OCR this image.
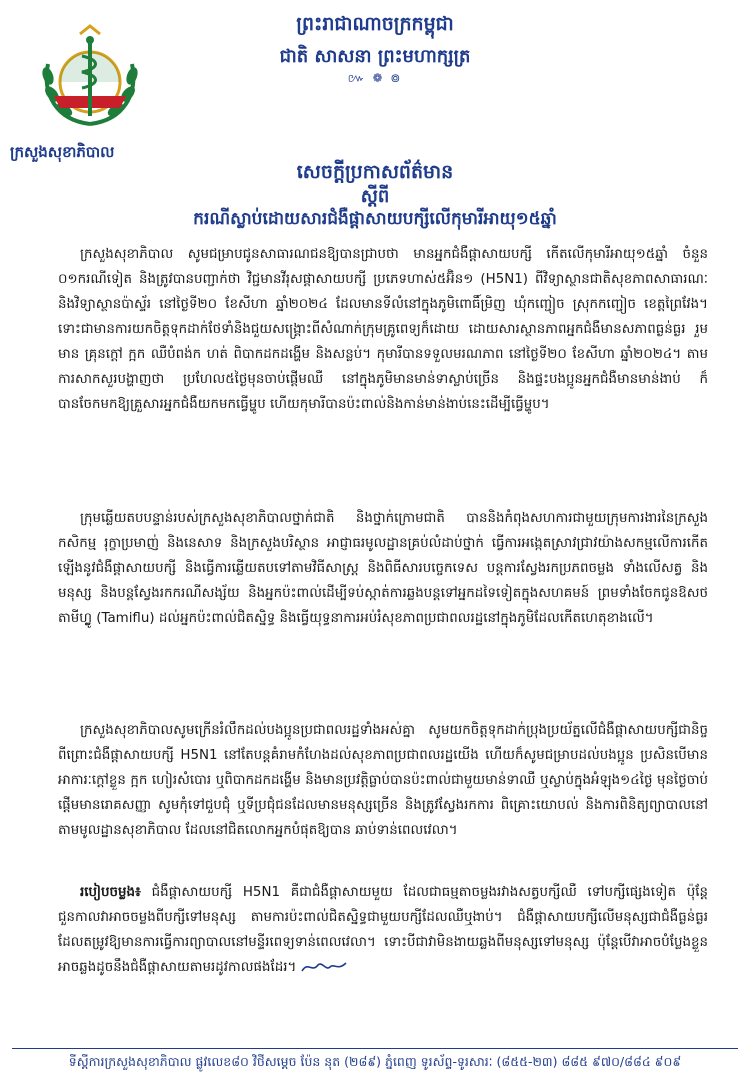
ព្រះរាជាណាចក្រកម្ពុជា
ជាតិ សាសនា ព្រះមហាក្សត្រ
៚ ❁ ៙
ក្រសួងសុខាភិបាល
សេចក្តីប្រកាសព័ត៌មាន
ស្តីពី
ករណីស្លាប់ដោយសារជំងឺផ្តាសាយបក្សីលើកុមារីអាយុ១៥ឆ្នាំ

ក្រសួងសុខាភិបាល សូមជម្រាបជូនសាធារណជនឱ្យបានជ្រាបថា មានអ្នកជំងឺផ្តាសាយបក្សី កើតលើកុមារីអាយុ១៥ឆ្នាំ ចំនួន ០១ករណីទៀត និងត្រូវបានបញ្ជាក់ថា វិជ្ជមានវីរុសផ្តាសាយបក្សី ប្រភេទហាស់៥អ៊ិន១ (H5N1) ពីវិទ្យាស្ថានជាតិសុខភាពសាធារណៈ និងវិទ្យាស្ថានប៉ាស្ទ័រ នៅថ្ងៃទី២០ ខែសីហា ឆ្នាំ២០២៤ ដែលមានទីលំនៅក្នុងភូមិពោធិ៍ម្រិញ ឃុំកញ្ជៀច ស្រុកកញ្ជៀច ខេត្តព្រៃវែង។ ទោះជាមានការយកចិត្តទុកដាក់ថែទាំនិងជួយសង្គ្រោះពីសំណាក់ក្រុមគ្រូពេទ្យក៏ដោយ ដោយសារស្ថានភាពអ្នកជំងឺមានសភាពធ្ងន់ធ្ងរ រួមមាន គ្រុនក្តៅ ក្អក ឈឺបំពង់ក ហត់ ពិបាកដកដង្ហើម និងសន្លប់។ កុមារីបានទទួលមរណភាព នៅថ្ងៃទី២០ ខែសីហា ឆ្នាំ២០២៤។ តាមការសាកសួរបង្ហាញថា ប្រហែល៥ថ្ងៃមុនចាប់ផ្តើមឈឺ នៅក្នុងភូមិមានមាន់ទាស្លាប់ច្រើន និងផ្ទះបងប្អូនអ្នកជំងឺមានមាន់ងាប់ ក៏បានចែកមកឱ្យគ្រួសារអ្នកជំងឺយកមកធ្វើម្ហូប ហើយកុមារីបានប៉ះពាល់និងកាន់មាន់ងាប់នេះដើម្បីធ្វើម្ហូប។

ក្រុមឆ្លើយតបបន្ទាន់របស់ក្រសួងសុខាភិបាលថ្នាក់ជាតិ និងថ្នាក់ក្រោមជាតិ បាននិងកំពុងសហការជាមួយក្រុមការងារនៃក្រសួងកសិកម្ម រុក្ខាប្រមាញ់ និងនេសាទ និងក្រសួងបរិស្ថាន អាជ្ញាធរមូលដ្ឋានគ្រប់លំដាប់ថ្នាក់ ធ្វើការអង្កេតស្រាវជ្រាវយ៉ាងសកម្មលើការកើតឡើងនូវជំងឺផ្តាសាយបក្សី និងធ្វើការឆ្លើយតបទៅតាមវិធីសាស្ត្រ និងពិធីសារបច្ចេកទេស បន្តការស្វែងរកប្រភពចម្លង ទាំងលើសត្វ និងមនុស្ស និងបន្តស្វែងរកករណីសង្ស័យ និងអ្នកប៉ះពាល់ដើម្បីទប់ស្កាត់ការឆ្លងបន្តទៅអ្នកដទៃទៀតក្នុងសហគមន៍ ព្រមទាំងចែកជូនឱសថតាមីហ្វ្លូ (Tamiflu) ដល់អ្នកប៉ះពាល់ជិតស្និទ្ធ និងធ្វើយុទ្ធនាការអប់រំសុខភាពប្រជាពលរដ្ឋនៅក្នុងភូមិដែលកើតហេតុខាងលើ។

ក្រសួងសុខាភិបាលសូមក្រើនរំលឹកដល់បងប្អូនប្រជាពលរដ្ឋទាំងអស់គ្នា សូមយកចិត្តទុកដាក់ប្រុងប្រយ័ត្នលើជំងឺផ្តាសាយបក្សីជានិច្ច ពីព្រោះជំងឺផ្តាសាយបក្សី H5N1 នៅតែបន្តគំរាមកំហែងដល់សុខភាពប្រជាពលរដ្ឋយើង ហើយក៏សូមជម្រាបដល់បងប្អូន ប្រសិនបើមានអាការៈក្តៅខ្លួន ក្អក ហៀរសំបោរ ឬពិបាកដកដង្ហើម និងមានប្រវត្តិធ្លាប់បានប៉ះពាល់ជាមួយមាន់ទាឈឺ ឬស្លាប់ក្នុងអំឡុង១៤ថ្ងៃ មុនថ្ងៃចាប់ផ្តើមមានរោគសញ្ញា សូមកុំទៅជួបជុំ ឬទីប្រជុំជនដែលមានមនុស្សច្រើន និងត្រូវស្វែងរកការ ពិគ្រោះយោបល់ និងការពិនិត្យព្យាបាលនៅតាមមូលដ្ឋានសុខាភិបាល ដែលនៅជិតលោកអ្នកបំផុតឱ្យបាន ឆាប់ទាន់ពេលវេលា។

របៀបចម្លង៖ ជំងឺផ្តាសាយបក្សី H5N1 គឺជាជំងឺផ្តាសាយមួយ ដែលជាធម្មតាចម្លងរវាងសត្វបក្សីឈឺ ទៅបក្សីផ្សេងទៀត ប៉ុន្តែជួនកាលវាអាចចម្លងពីបក្សីទៅមនុស្ស តាមការប៉ះពាល់ជិតស្និទ្ធជាមួយបក្សីដែលឈឺឬងាប់។ ជំងឺផ្តាសាយបក្សីលើមនុស្សជាជំងឺធ្ងន់ធ្ងរ ដែលតម្រូវឱ្យមានការធ្វើការព្យាបាលនៅមន្ទីរពេទ្យទាន់ពេលវេលា។ ទោះបីជាវាមិនងាយឆ្លងពីមនុស្សទៅមនុស្ស ប៉ុន្តែបើវាអាចបំប្លែងខ្លួនអាចឆ្លងដូចនឹងជំងឺផ្តាសាយតាមរដូវកាលផងដែរ។

ទីស្តីការក្រសួងសុខាភិបាល ផ្លូវលេខ៨០ វិថីសម្តេច ប៉ែន នុត (២៨៩) ភ្នំពេញ ទូរស័ព្ទ-ទូរសារៈ (៨៥៥-២៣) ៨៨៥ ៩៧០/៨៨៤ ៩០៩
